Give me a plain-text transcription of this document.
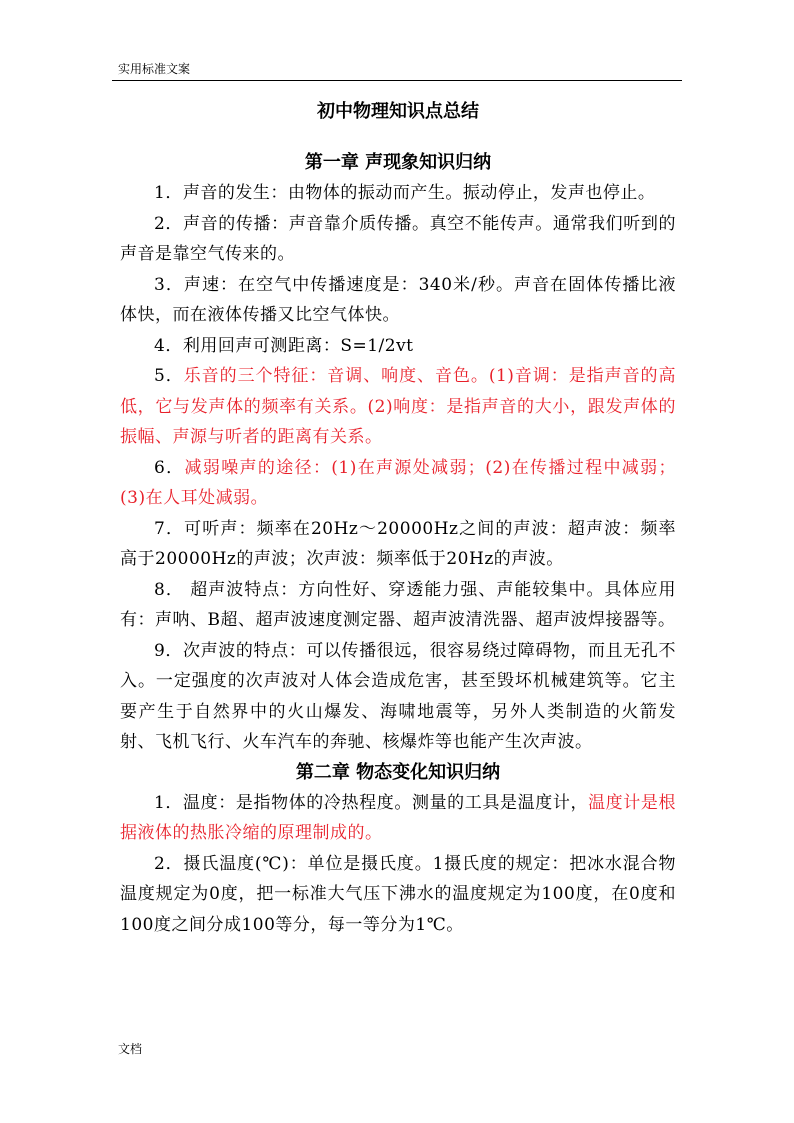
实用标准文案
初中物理知识点总结
第一章 声现象知识归纳

1．声音的发生：由物体的振动而产生。振动停止，发声也停止。

2．声音的传播：声音靠介质传播。真空不能传声。通常我们听到的声音是靠空气传来的。

3．声速：在空气中传播速度是：340米/秒。声音在固体传播比液体快，而在液体传播又比空气体快。

4．利用回声可测距离：S=1/2vt

5．乐音的三个特征：音调、响度、音色。(1)音调：是指声音的高低，它与发声体的频率有关系。(2)响度：是指声音的大小，跟发声体的振幅、声源与听者的距离有关系。

6．减弱噪声的途径：(1)在声源处减弱；(2)在传播过程中减弱；(3)在人耳处减弱。

7．可听声：频率在20Hz～20000Hz之间的声波：超声波：频率高于20000Hz的声波；次声波：频率低于20Hz的声波。

8． 超声波特点：方向性好、穿透能力强、声能较集中。具体应用有：声呐、B超、超声波速度测定器、超声波清洗器、超声波焊接器等。

9．次声波的特点：可以传播很远，很容易绕过障碍物，而且无孔不入。一定强度的次声波对人体会造成危害，甚至毁坏机械建筑等。它主要产生于自然界中的火山爆发、海啸地震等，另外人类制造的火箭发射、飞机飞行、火车汽车的奔驰、核爆炸等也能产生次声波。

第二章 物态变化知识归纳

1．温度：是指物体的冷热程度。测量的工具是温度计，温度计是根据液体的热胀冷缩的原理制成的。

2．摄氏温度(℃)：单位是摄氏度。1摄氏度的规定：把冰水混合物温度规定为0度，把一标准大气压下沸水的温度规定为100度，在0度和100度之间分成100等分，每一等分为1℃。

文档
